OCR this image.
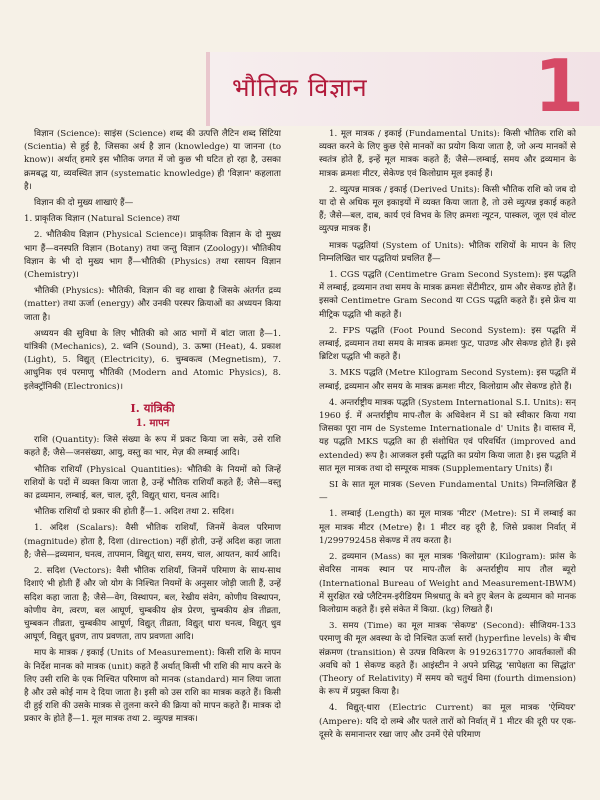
भौतिक विज्ञान 1

विज्ञान (Science): साइंस (Science) शब्द की उत्पत्ति लैटिन शब्द सिंटिया (Scientia) से हुई है, जिसका अर्थ है ज्ञान (knowledge) या जानना (to know)। अर्थात् हमारे इस भौतिक जगत में जो कुछ भी घटित हो रहा है, उसका क्रमबद्ध या, व्यवस्थित ज्ञान (systematic knowledge) ही 'विज्ञान' कहलाता है।

विज्ञान की दो मुख्य शाखाएं हैं—

1. प्राकृतिक विज्ञान (Natural Science) तथा

2. भौतिकीय विज्ञान (Physical Science)। प्राकृतिक विज्ञान के दो मुख्य भाग हैं—वनस्पति विज्ञान (Botany) तथा जन्तु विज्ञान (Zoology)। भौतिकीय विज्ञान के भी दो मुख्य भाग हैं—भौतिकी (Physics) तथा रसायन विज्ञान (Chemistry)।

भौतिकी (Physics): भौतिकी, विज्ञान की वह शाखा है जिसके अंतर्गत द्रव्य (matter) तथा ऊर्जा (energy) और उनकी परस्पर क्रियाओं का अध्ययन किया जाता है।

अध्ययन की सुविधा के लिए भौतिकी को आठ भागों में बांटा जाता है—1. यांत्रिकी (Mechanics), 2. ध्वनि (Sound), 3. ऊष्मा (Heat), 4. प्रकाश (Light), 5. विद्युत् (Electricity), 6. चुम्बकत्व (Megnetism), 7. आधुनिक एवं परमाणु भौतिकी (Modern and Atomic Physics), 8. इलेक्ट्रॉनिकी (Electronics)।

I. यांत्रिकी
1. मापन

राशि (Quantity): जिसे संख्या के रूप में प्रकट किया जा सके, उसे राशि कहते हैं; जैसे—जनसंख्या, आयु, वस्तु का भार, मेज़ की लम्बाई आदि।

भौतिक राशियाँ (Physical Quantities): भौतिकी के नियमों को जिन्हें राशियों के पदों में व्यक्त किया जाता है, उन्हें भौतिक राशियाँ कहते हैं; जैसे—वस्तु का द्रव्यमान, लम्बाई, बल, चाल, दूरी, विद्युत् धारा, घनत्व आदि।

भौतिक राशियाँ दो प्रकार की होती हैं—1. अदिश तथा 2. सदिश।

1. अदिश (Scalars): वैसी भौतिक राशियाँ, जिनमें केवल परिमाण (magnitude) होता है, दिशा (direction) नहीं होती, उन्हें अदिश कहा जाता है; जैसे—द्रव्यमान, घनत्व, तापमान, विद्युत् धारा, समय, चाल, आयतन, कार्य आदि।

2. सदिश (Vectors): वैसी भौतिक राशियाँ, जिनमें परिमाण के साथ-साथ दिशाएं भी होती हैं और जो योग के निश्चित नियमों के अनुसार जोड़ी जाती हैं, उन्हें सदिश कहा जाता है; जैसे—वेग, विस्थापन, बल, रेखीय संवेग, कोणीय विस्थापन, कोणीय वेग, त्वरण, बल आघूर्ण, चुम्बकीय क्षेत्र प्रेरण, चुम्बकीय क्षेत्र तीव्रता, चुम्बकन तीव्रता, चुम्बकीय आघूर्ण, विद्युत् तीव्रता, विद्युत् धारा घनत्व, विद्युत् धुव आघूर्ण, विद्युत् ध्रुवण, ताप प्रवणता, ताप प्रवणता आदि।

माप के मात्रक / इकाई (Units of Measurement): किसी राशि के मापन के निर्देश मानक को मात्रक (unit) कहते हैं अर्थात् किसी भी राशि की माप करने के लिए उसी राशि के एक निश्चित परिमाण को मानक (standard) मान लिया जाता है और उसे कोई नाम दे दिया जाता है। इसी को उस राशि का मात्रक कहते हैं। किसी दी हुई राशि की उसके मात्रक से तुलना करने की क्रिया को मापन कहते हैं। मात्रक दो प्रकार के होते हैं—1. मूल मात्रक तथा 2. व्युत्पन्न मात्रक।

1. मूल मात्रक / इकाई (Fundamental Units): किसी भौतिक राशि को व्यक्त करने के लिए कुछ ऐसे मानकों का प्रयोग किया जाता है, जो अन्य मानकों से स्वतंत्र होते हैं, इन्हें मूल मात्रक कहते हैं; जैसे—लम्बाई, समय और द्रव्यमान के मात्रक क्रमशः मीटर, सेकेण्ड एवं किलोग्राम मूल इकाई हैं।

2. व्युत्पन्न मात्रक / इकाई (Derived Units): किसी भौतिक राशि को जब दो या दो से अधिक मूल इकाइयों में व्यक्त किया जाता है, तो उसे व्युत्पन्न इकाई कहते हैं; जैसे—बल, दाब, कार्य एवं विभव के लिए क्रमशः न्यूटन, पास्कल, जूल एवं वोल्ट व्युत्पन्न मात्रक हैं।

मात्रक पद्धतियां (System of Units): भौतिक राशियों के मापन के लिए निम्नलिखित चार पद्धतियां प्रचलित हैं—

1. CGS पद्धति (Centimetre Gram Second System): इस पद्धति में लम्बाई, द्रव्यमान तथा समय के मात्रक क्रमशः सेंटीमीटर, ग्राम और सेकण्ड होते हैं। इसको Centimetre Gram Second या CGS पद्धति कहते हैं। इसे फ्रेंच या मीट्रिक पद्धति भी कहते हैं।

2. FPS पद्धति (Foot Pound Second System): इस पद्धति में लम्बाई, द्रव्यमान तथा समय के मात्रक क्रमशः फुट, पाउण्ड और सेकण्ड होते हैं। इसे ब्रिटिश पद्धति भी कहते हैं।

3. MKS पद्धति (Metre Kilogram Second System): इस पद्धति में लम्बाई, द्रव्यमान और समय के मात्रक क्रमशः मीटर, किलोग्राम और सेकण्ड होते हैं।

4. अन्तर्राष्ट्रीय मात्रक पद्धति (System International S.I. Units): सन् 1960 ई. में अन्तर्राष्ट्रीय माप-तौल के अधिवेशन में SI को स्वीकार किया गया जिसका पूरा नाम de Systeme Internationale d' Units है। वास्तव में, यह पद्धति MKS पद्धति का ही संशोधित एवं परिवर्धित (improved and extended) रूप है। आजकल इसी पद्धति का प्रयोग किया जाता है। इस पद्धति में सात मूल मात्रक तथा दो सम्पूरक मात्रक (Supplementary Units) हैं।

SI के सात मूल मात्रक (Seven Fundamental Units) निम्नलिखित हैं—

1. लम्बाई (Length) का मूल मात्रक 'मीटर' (Metre): SI में लम्बाई का मूल मात्रक मीटर (Metre) है। 1 मीटर वह दूरी है, जिसे प्रकाश निर्वात् में 1/299792458 सेकण्ड में तय करता है।

2. द्रव्यमान (Mass) का मूल मात्रक 'किलोग्राम' (Kilogram): फ्रांस के सेवरिस नामक स्थान पर माप-तौल के अन्तर्राष्ट्रीय माप तौल ब्यूरो (International Bureau of Weight and Measurement-IBWM) में सुरक्षित रखे प्लैटिनम-इरीडियम मिश्रधातु के बने हुए बेलन के द्रव्यमान को मानक किलोग्राम कहते हैं। इसे संकेत में किग्रा. (kg) लिखते हैं।

3. समय (Time) का मूल मात्रक 'सेकण्ड' (Second): सीजियम-133 परमाणु की मूल अवस्था के दो निश्चित ऊर्जा स्तरों (hyperfine levels) के बीच संक्रमण (transition) से उत्पन्न विकिरण के 9192631770 आवर्तकालों की अवधि को 1 सेकण्ड कहते हैं। आइंस्टीन ने अपने प्रसिद्ध 'सापेक्षता का सिद्धांत' (Theory of Relativity) में समय को चतुर्थ विमा (fourth dimension) के रूप में प्रयुक्त किया है।

4. विद्युत्-धारा (Electric Current) का मूल मात्रक 'ऐम्पियर' (Ampere): यदि दो लम्बे और पतले तारों को निर्वात् में 1 मीटर की दूरी पर एक-दूसरे के समानान्तर रखा जाए और उनमें ऐसे परिमाण
